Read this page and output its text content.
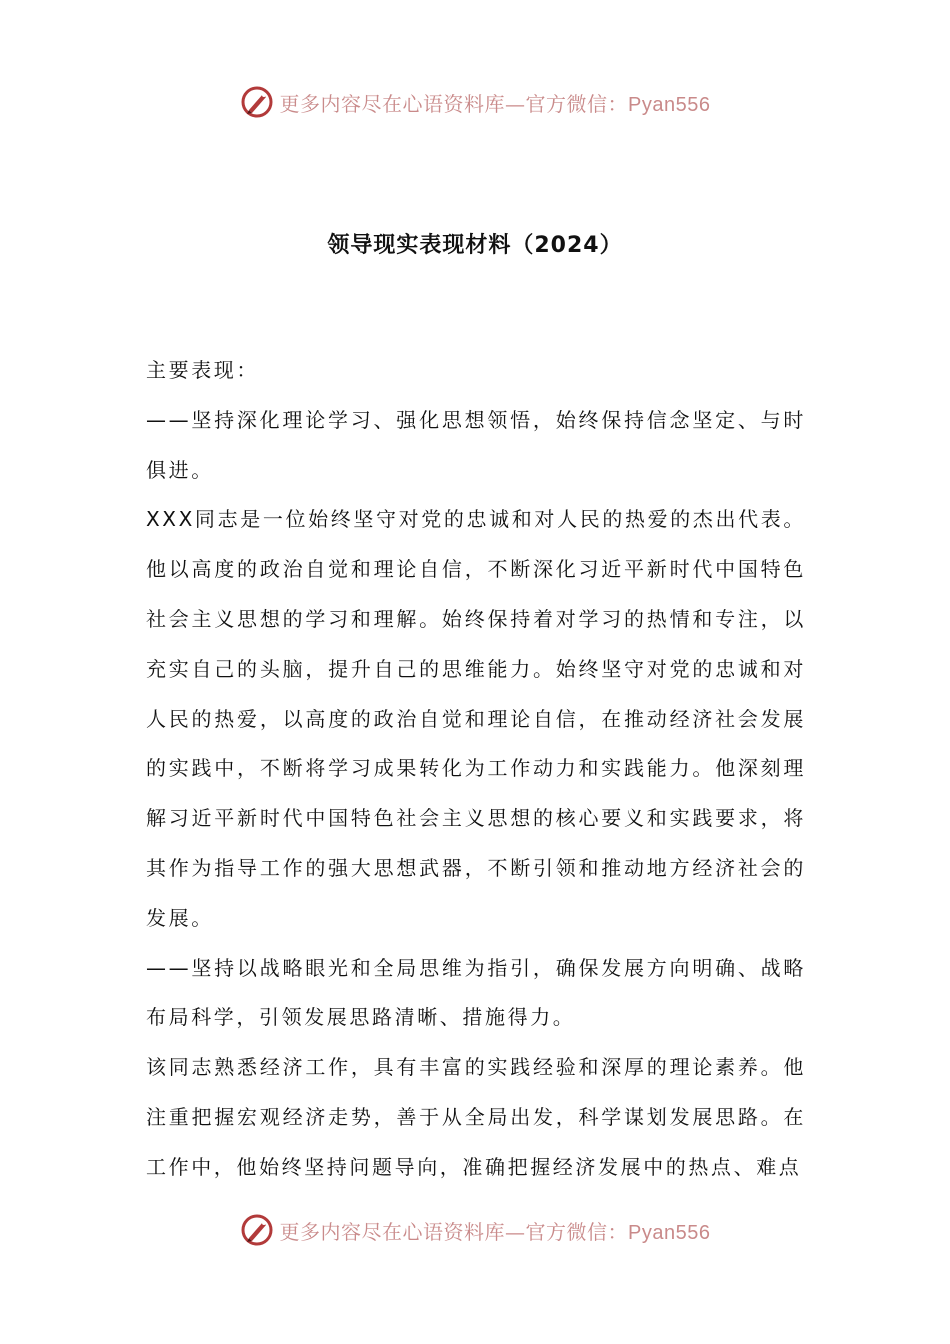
更多内容尽在心语资料库—官方微信：Pyan556
领导现实表现材料（2024）

主要表现：

——坚持深化理论学习、强化思想领悟，始终保持信念坚定、与时俱进。

XXX同志是一位始终坚守对党的忠诚和对人民的热爱的杰出代表。他以高度的政治自觉和理论自信，不断深化习近平新时代中国特色社会主义思想的学习和理解。始终保持着对学习的热情和专注，以充实自己的头脑，提升自己的思维能力。始终坚守对党的忠诚和对人民的热爱，以高度的政治自觉和理论自信，在推动经济社会发展的实践中，不断将学习成果转化为工作动力和实践能力。他深刻理解习近平新时代中国特色社会主义思想的核心要义和实践要求，将其作为指导工作的强大思想武器，不断引领和推动地方经济社会的发展。

——坚持以战略眼光和全局思维为指引，确保发展方向明确、战略布局科学，引领发展思路清晰、措施得力。

该同志熟悉经济工作，具有丰富的实践经验和深厚的理论素养。他注重把握宏观经济走势，善于从全局出发，科学谋划发展思路。在工作中，他始终坚持问题导向，准确把握经济发展中的热点、难点

更多内容尽在心语资料库—官方微信：Pyan556
